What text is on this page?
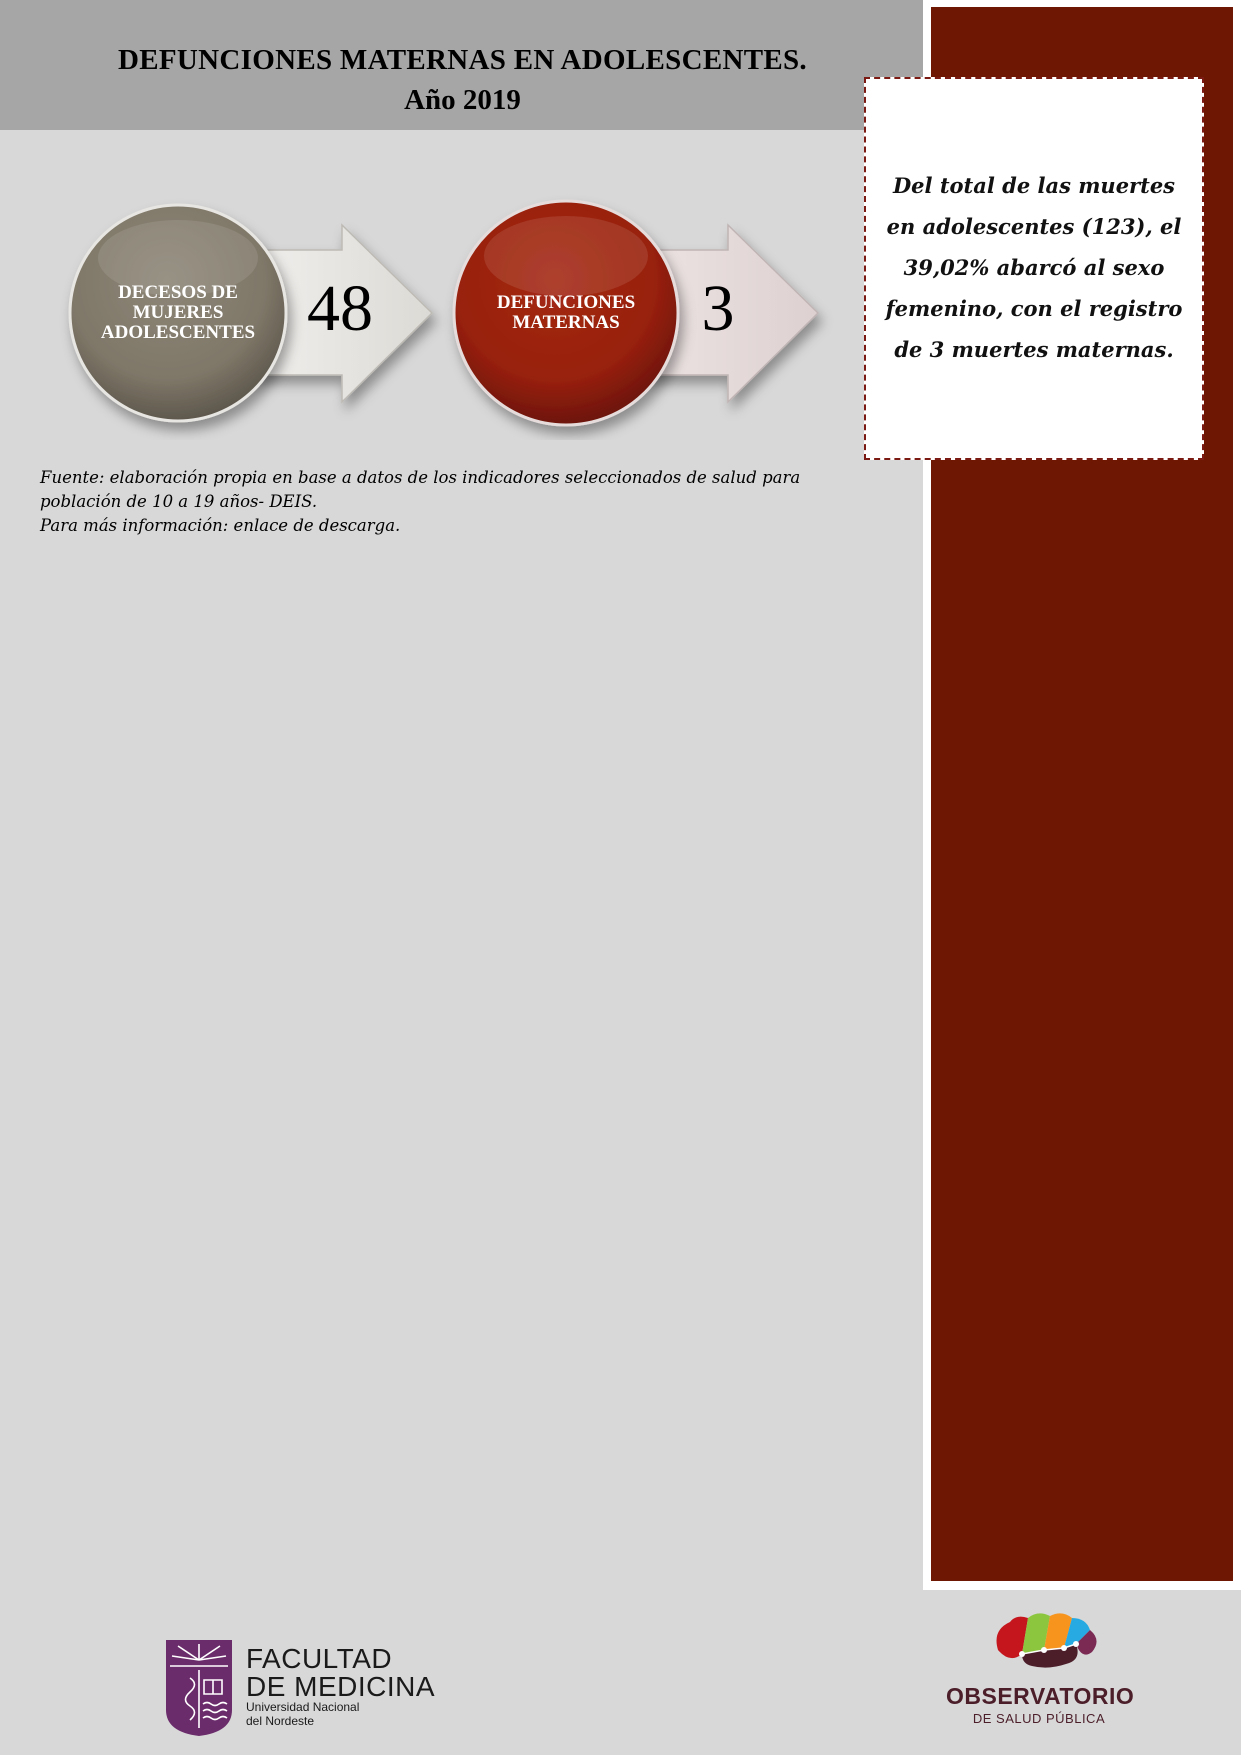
DEFUNCIONES MATERNAS EN ADOLESCENTES.
Año 2019
DECESOS DE
MUJERES
ADOLESCENTES 48	DEFUNCIONES
MATERNAS	3

Del total de las muertes en adolescentes (123), el 39,02% abarcó al sexo femenino, con el registro de 3 muertes maternas.

Fuente: elaboración propia en base a datos de los indicadores seleccionados de salud para
población de 10 a 19 años- DEIS.
Para más información: enlace de descarga.
FACULTAD
DE MEDICINA
Universidad Nacional
del Nordeste
OBSERVATORIO
DE SALUD PÚBLICA
